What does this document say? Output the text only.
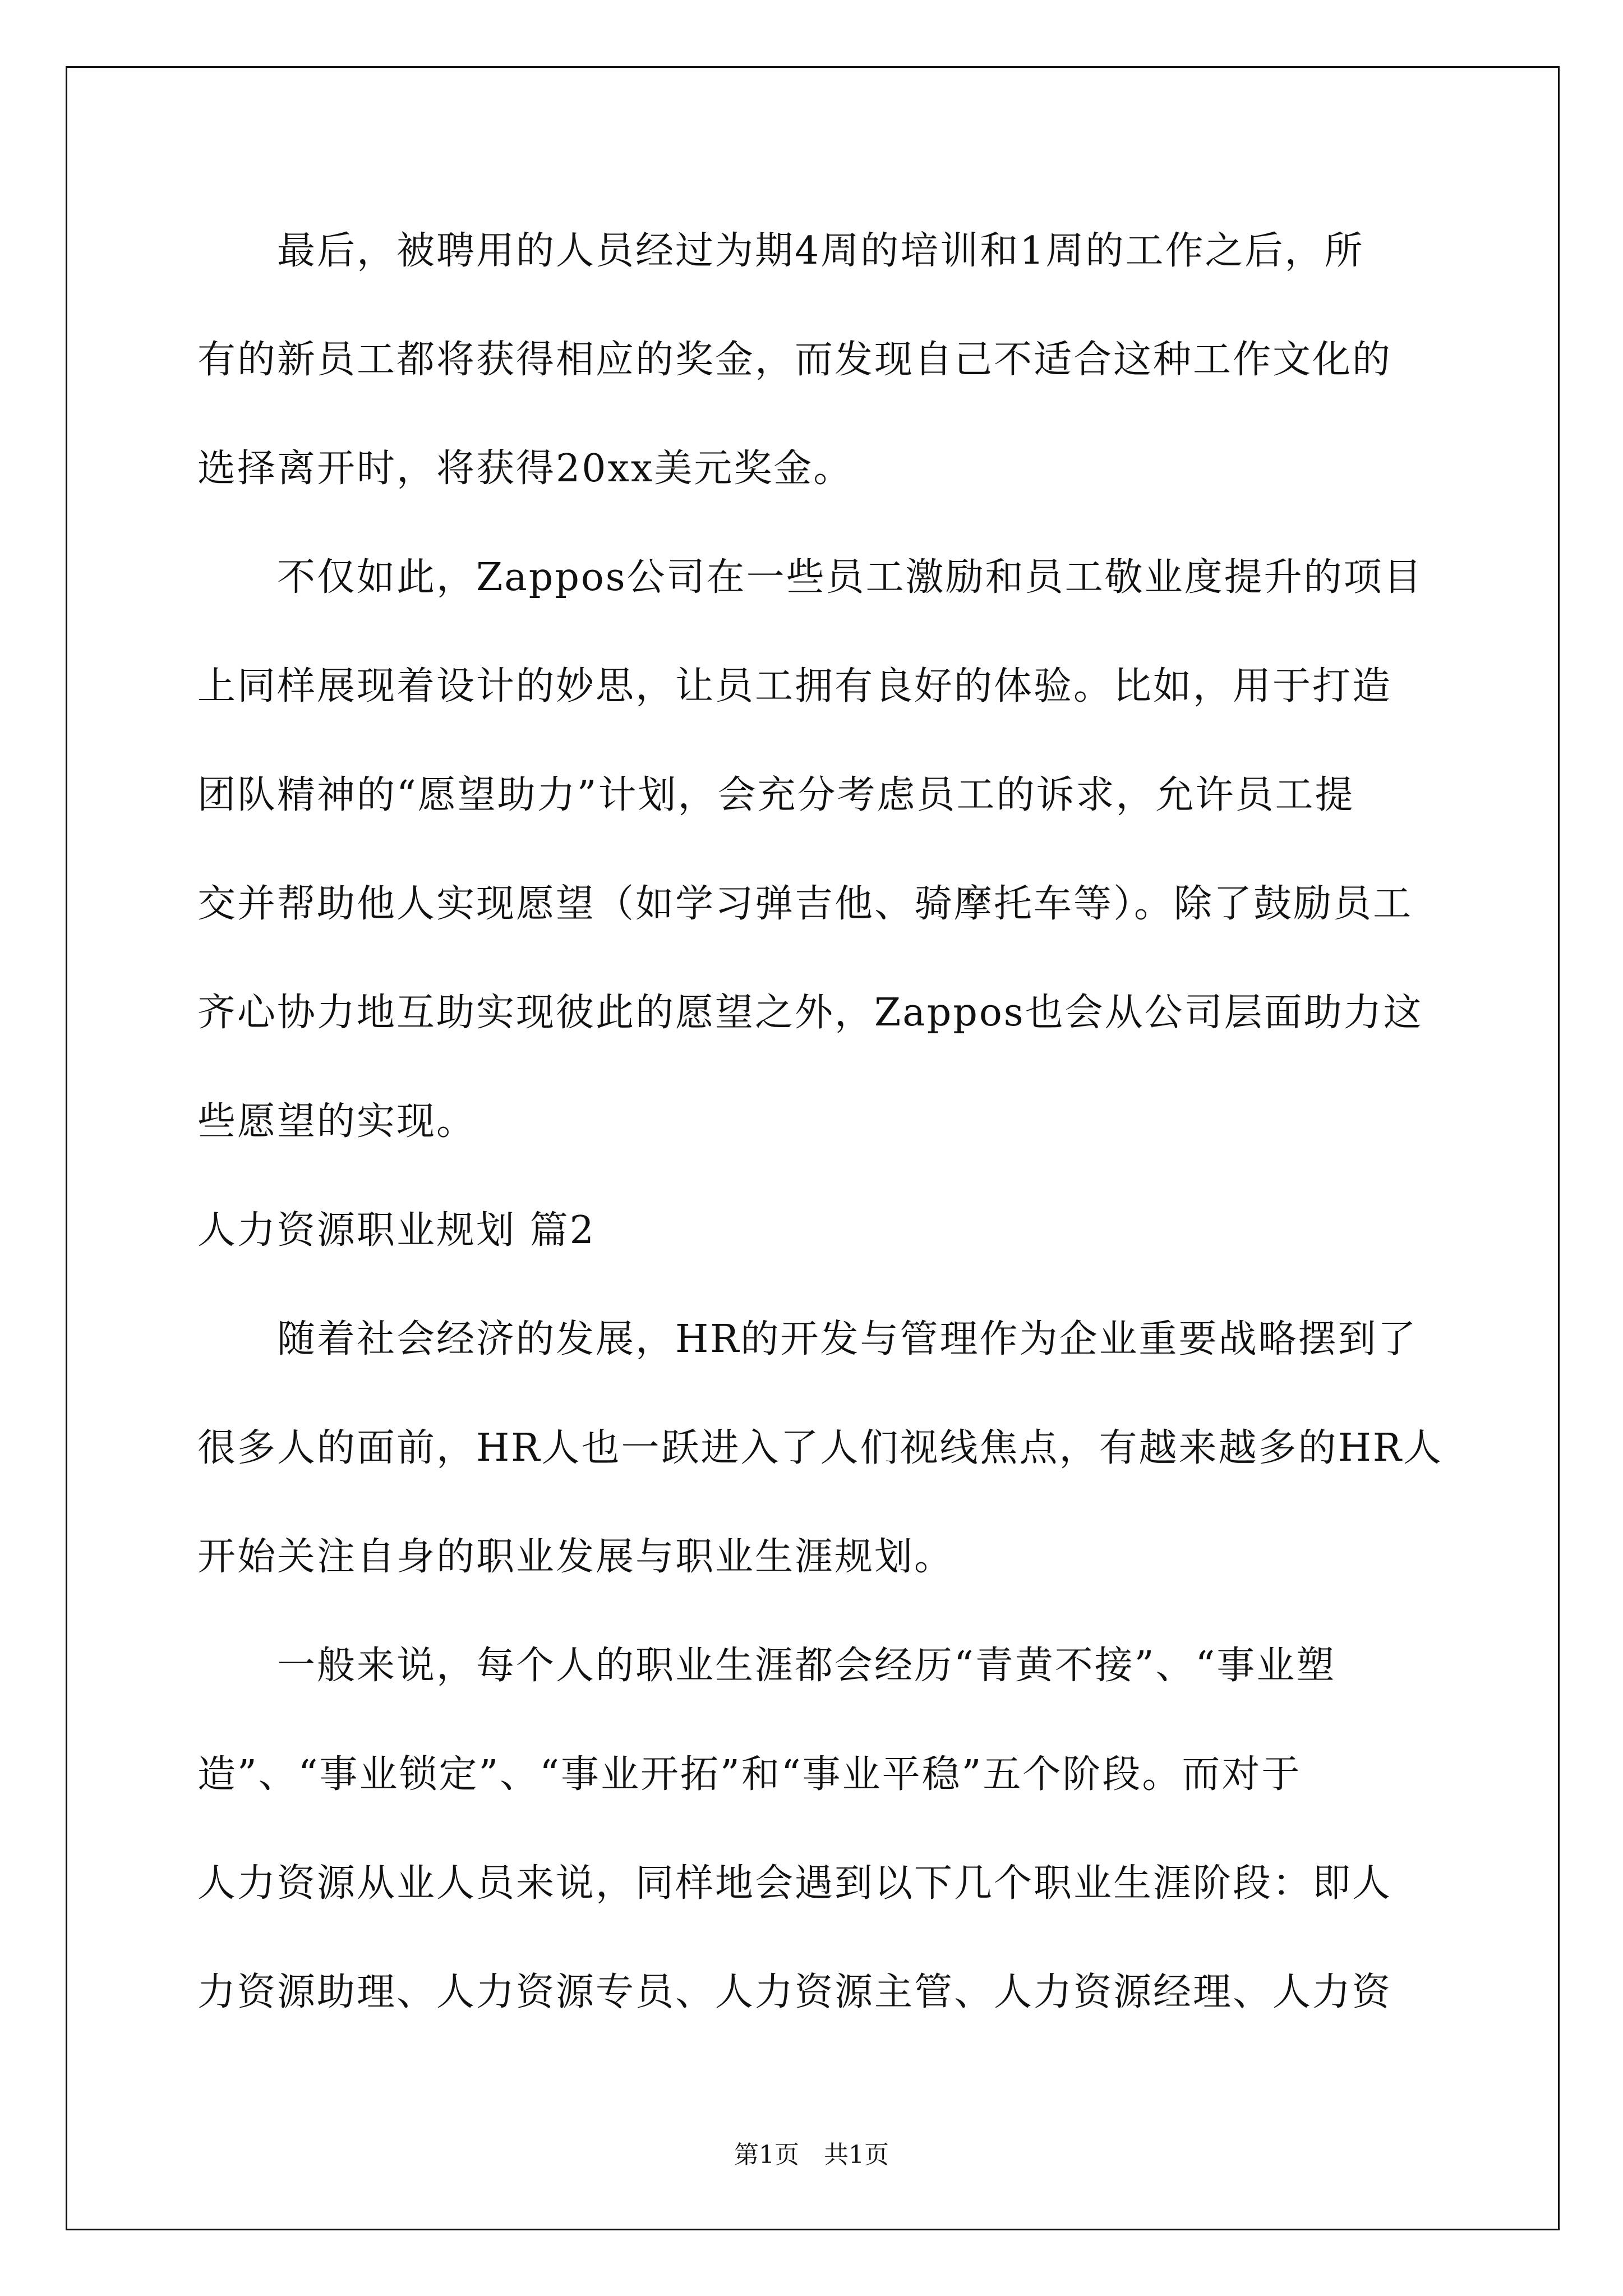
　　最后，被聘用的人员经过为期4周的培训和1周的工作之后，所
有的新员工都将获得相应的奖金，而发现自己不适合这种工作文化的
选择离开时，将获得20xx美元奖金。
　　不仅如此，Zappos公司在一些员工激励和员工敬业度提升的项目
上同样展现着设计的妙思，让员工拥有良好的体验。比如，用于打造
团队精神的“愿望助力”计划，会充分考虑员工的诉求，允许员工提
交并帮助他人实现愿望（如学习弹吉他、骑摩托车等）。除了鼓励员工
齐心协力地互助实现彼此的愿望之外，Zappos也会从公司层面助力这
些愿望的实现。
人力资源职业规划 篇2
　　随着社会经济的发展，HR的开发与管理作为企业重要战略摆到了
很多人的面前，HR人也一跃进入了人们视线焦点，有越来越多的HR人
开始关注自身的职业发展与职业生涯规划。
　　一般来说，每个人的职业生涯都会经历“青黄不接”、“事业塑
造”、“事业锁定”、“事业开拓”和“事业平稳”五个阶段。而对于
人力资源从业人员来说，同样地会遇到以下几个职业生涯阶段：即人
力资源助理、人力资源专员、人力资源主管、人力资源经理、人力资
第1页　共1页
